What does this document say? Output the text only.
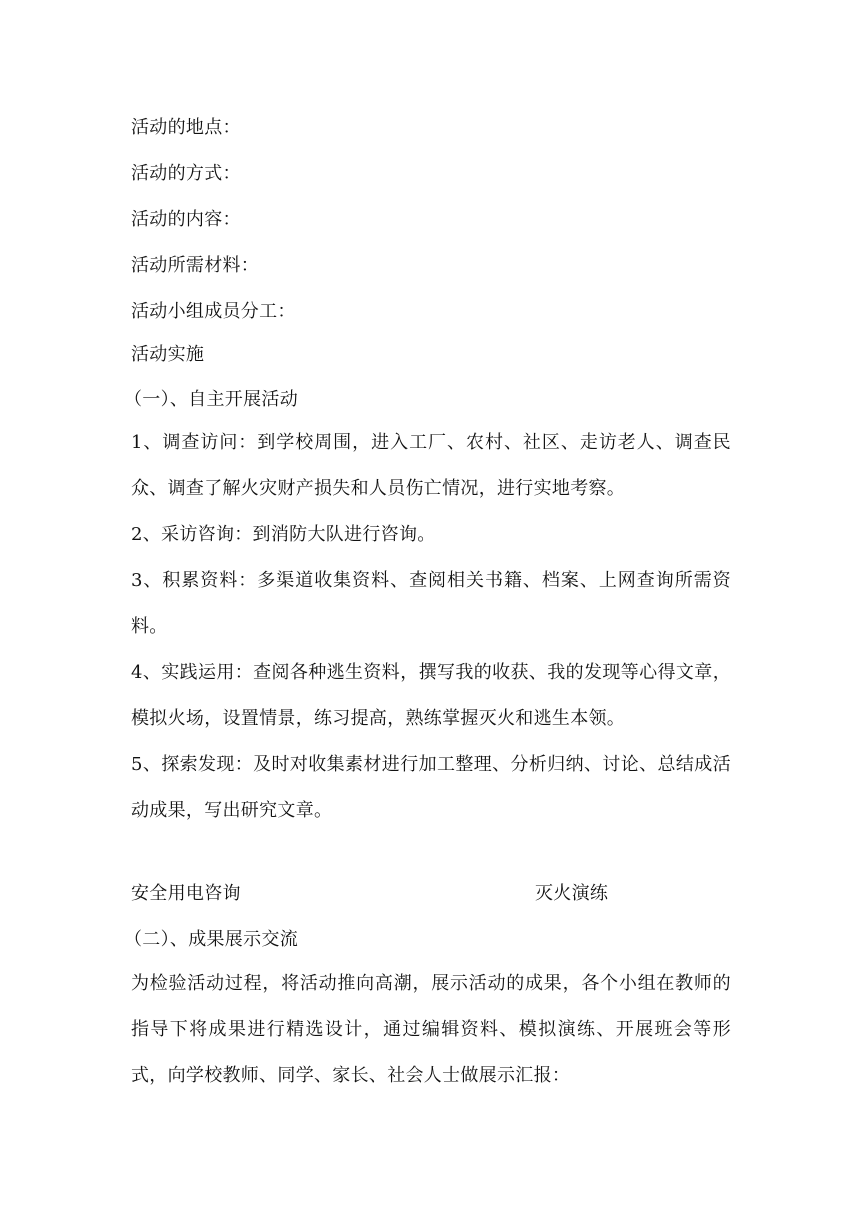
活动的地点：
活动的方式：
活动的内容：
活动所需材料：
活动小组成员分工：
活动实施
（一）、自主开展活动
1、调查访问：到学校周围，进入工厂、农村、社区、走访老人、调查民众、调查了解火灾财产损失和人员伤亡情况，进行实地考察。
2、采访咨询：到消防大队进行咨询。
3、积累资料：多渠道收集资料、查阅相关书籍、档案、上网查询所需资料。
4、实践运用：查阅各种逃生资料，撰写我的收获、我的发现等心得文章，模拟火场，设置情景，练习提高，熟练掌握灭火和逃生本领。
5、探索发现：及时对收集素材进行加工整理、分析归纳、讨论、总结成活动成果，写出研究文章。
安全用电咨询	灭火演练
（二）、成果展示交流
为检验活动过程，将活动推向高潮，展示活动的成果，各个小组在教师的指导下将成果进行精选设计，通过编辑资料、模拟演练、开展班会等形式，向学校教师、同学、家长、社会人士做展示汇报：
